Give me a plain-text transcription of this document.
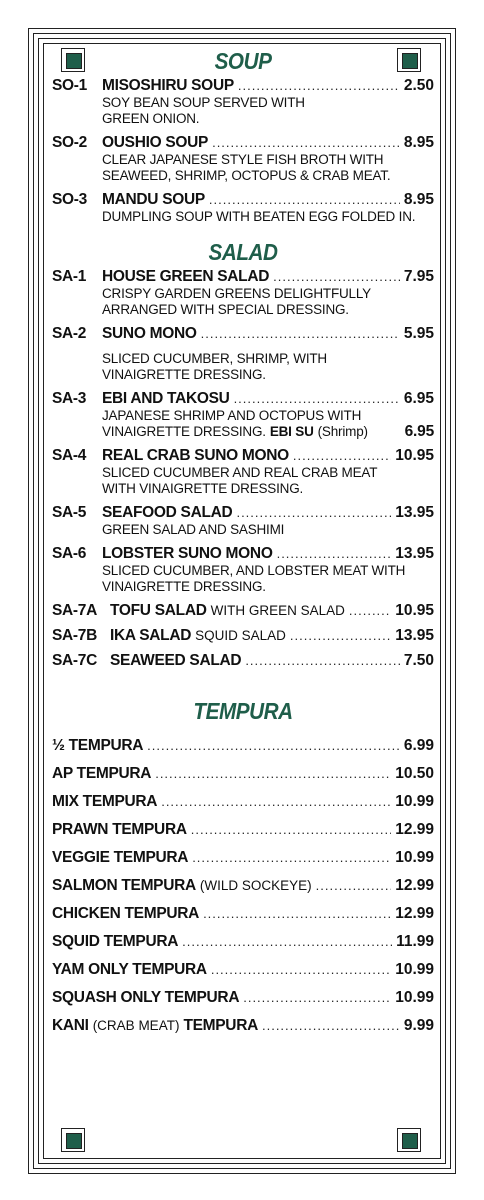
SOUP
SO-1 MISOSHIRU SOUP .....	2.50
SOY BEAN SOUP SERVED WITH
GREEN ONION.
SO-2 OUSHIO SOUP .....	8.95
CLEAR JAPANESE STYLE FISH BROTH WITH
SEAWEED, SHRIMP, OCTOPUS & CRAB MEAT.
SO-3 MANDU SOUP .....	8.95
DUMPLING SOUP WITH BEATEN EGG FOLDED IN.
SALAD
SA-1	HOUSE GREEN SALAD .....	7.95
CRISPY GARDEN GREENS DELIGHTFULLY
ARRANGED WITH SPECIAL DRESSING.
SA-2	SUNO MONO .....	5.95
SLICED CUCUMBER, SHRIMP, WITH
VINAIGRETTE DRESSING.
SA-3	EBI AND TAKOSU .....	6.95
JAPANESE SHRIMP AND OCTOPUS WITH
VINAIGRETTE DRESSING. EBI SU (Shrimp) 6.95
SA-4	REAL CRAB SUNO MONO .....	10.95
SLICED CUCUMBER AND REAL CRAB MEAT
WITH VINAIGRETTE DRESSING.
SA-5	SEAFOOD SALAD .....	13.95
GREEN SALAD AND SASHIMI
SA-6	LOBSTER SUNO MONO .....	13.95
SLICED CUCUMBER, AND LOBSTER MEAT WITH
VINAIGRETTE DRESSING.
SA-7A TOFU SALAD WITH GREEN SALAD .....	10.95
SA-7B IKA SALAD SQUID SALAD .....	13.95
SA-7C SEAWEED SALAD .....	7.50
TEMPURA
½ TEMPURA .....	6.99
AP TEMPURA .....	10.50
MIX TEMPURA .....	10.99
PRAWN TEMPURA .....	12.99
VEGGIE TEMPURA .....	10.99
SALMON TEMPURA (WILD SOCKEYE) .....	12.99
CHICKEN TEMPURA .....	12.99
SQUID TEMPURA .....	11.99
YAM ONLY TEMPURA .....	10.99
SQUASH ONLY TEMPURA .....	10.99
KANI (CRAB MEAT) TEMPURA .....	9.99
